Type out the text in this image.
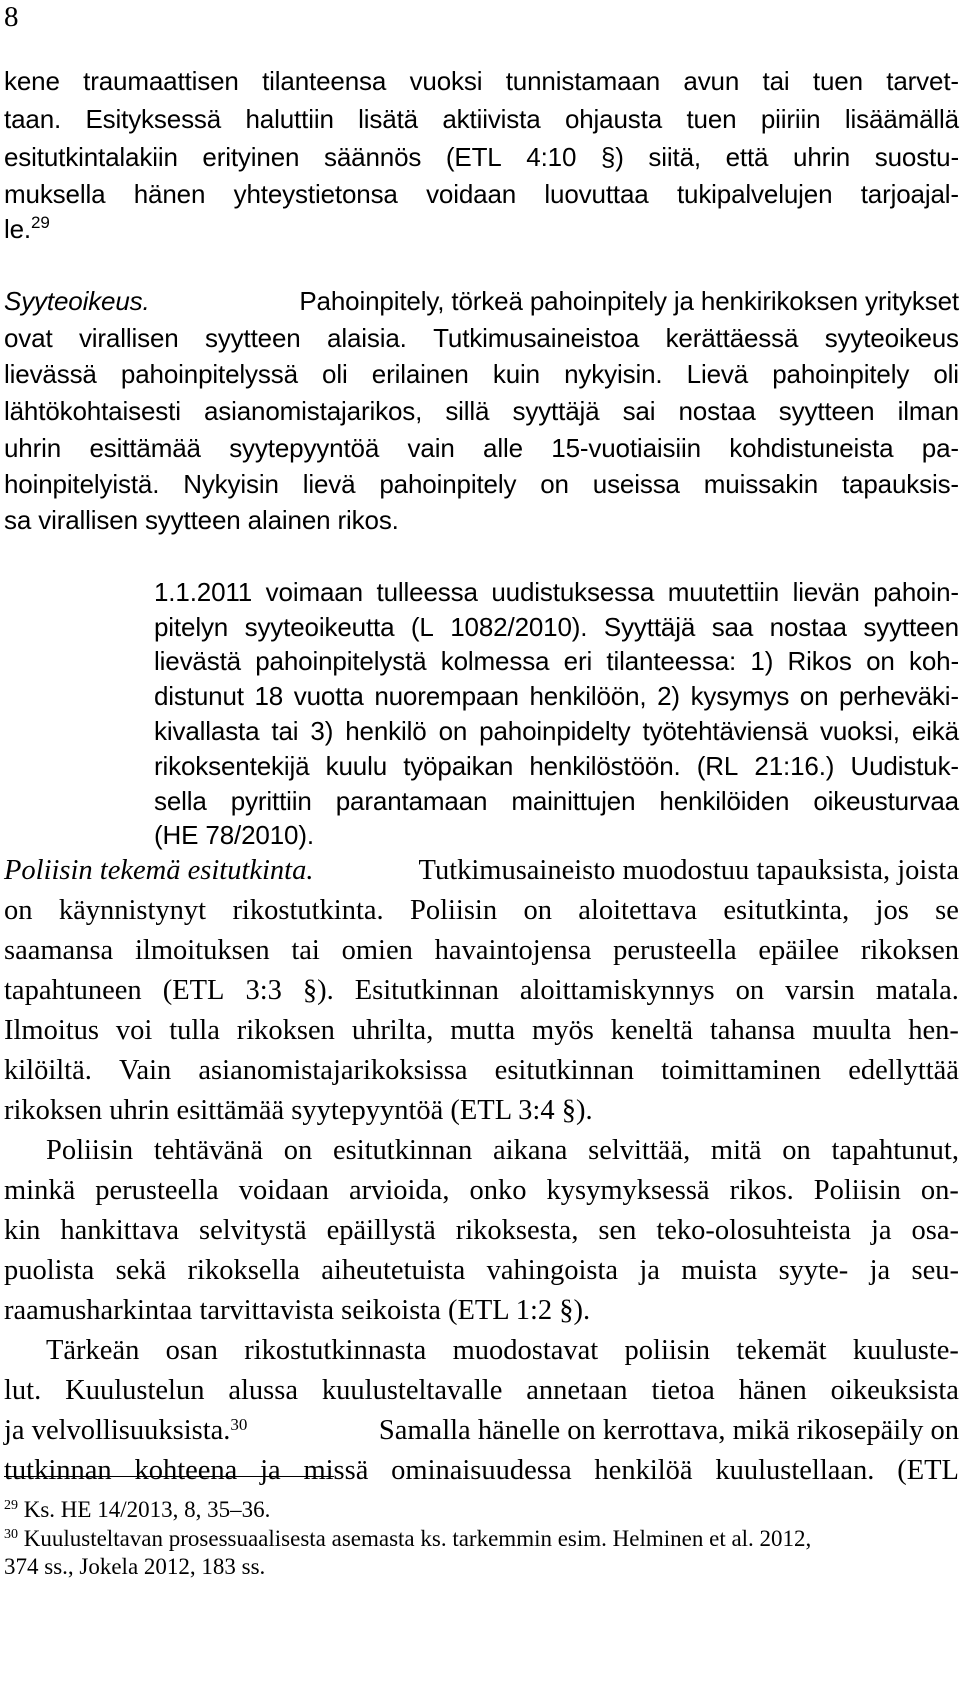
8
kene traumaattisen tilanteensa vuoksi tunnistamaan avun tai tuen tarvet-
taan. Esityksessä haluttiin lisätä aktiivista ohjausta tuen piiriin lisäämällä
esitutkintalakiin erityinen säännös (ETL 4:10 §) siitä, että uhrin suostu-
muksella hänen yhteystietonsa voidaan luovuttaa tukipalvelujen tarjoajal-
le.$^{29}$
Syyteoikeus.	Pahoinpitely, törkeä pahoinpitely ja henkirikoksen yritykset
ovat virallisen syytteen alaisia. Tutkimusaineistoa kerättäessä syyteoikeus
lievässä pahoinpitelyssä oli erilainen kuin nykyisin. Lievä pahoinpitely oli
lähtökohtaisesti asianomistajarikos, sillä syyttäjä sai nostaa syytteen ilman
uhrin esittämää syytepyyntöä vain alle 15-vuotiaisiin kohdistuneista pa-
hoinpitelyistä. Nykyisin lievä pahoinpitely on useissa muissakin tapauksis-
sa virallisen syytteen alainen rikos.
1.1.2011 voimaan tulleessa uudistuksessa muutettiin lievän pahoin-
pitelyn syyteoikeutta (L 1082/2010). Syyttäjä saa nostaa syytteen
lievästä pahoinpitelystä kolmessa eri tilanteessa: 1) Rikos on koh-
distunut 18 vuotta nuorempaan henkilöön, 2) kysymys on perheväki-
kivallasta tai 3) henkilö on pahoinpidelty työtehtäviensä vuoksi, eikä
rikoksentekijä kuulu työpaikan henkilöstöön. (RL 21:16.) Uudistuk-
sella pyrittiin parantamaan mainittujen henkilöiden oikeusturvaa
(HE 78/2010).
Poliisin tekemä esitutkinta.	Tutkimusaineisto muodostuu tapauksista, joista
on käynnistynyt rikostutkinta. Poliisin on aloitettava esitutkinta, jos se
saamansa ilmoituksen tai omien havaintojensa perusteella epäilee rikoksen
tapahtuneen (ETL 3:3 §). Esitutkinnan aloittamiskynnys on varsin matala.
Ilmoitus voi tulla rikoksen uhrilta, mutta myös keneltä tahansa muulta hen-
kilöiltä. Vain asianomistajarikoksissa esitutkinnan toimittaminen edellyttää
rikoksen uhrin esittämää syytepyyntöä (ETL 3:4 §).
Poliisin tehtävänä on esitutkinnan aikana selvittää, mitä on tapahtunut,
minkä perusteella voidaan arvioida, onko kysymyksessä rikos. Poliisin on-
kin hankittava selvitystä epäillystä rikoksesta, sen teko-olosuhteista ja osa-
puolista sekä rikoksella aiheutetuista vahingoista ja muista syyte- ja seu-
raamusharkintaa tarvittavista seikoista (ETL 1:2 §).
Tärkeän osan rikostutkinnasta muodostavat poliisin tekemät kuuluste-
lut. Kuulustelun alussa kuulusteltavalle annetaan tietoa hänen oikeuksista
ja velvollisuuksista.$^{30}$	Samalla hänelle on kerrottava, mikä rikosepäily on
tutkinnan kohteena ja missä ominaisuudessa henkilöä kuulustellaan. (ETL
$^{29}$ Ks. HE 14/2013, 8, 35–36.
$^{30}$ Kuulusteltavan prosessuaalisesta asemasta ks. tarkemmin esim. Helminen et al. 2012,
374 ss., Jokela 2012, 183 ss.
